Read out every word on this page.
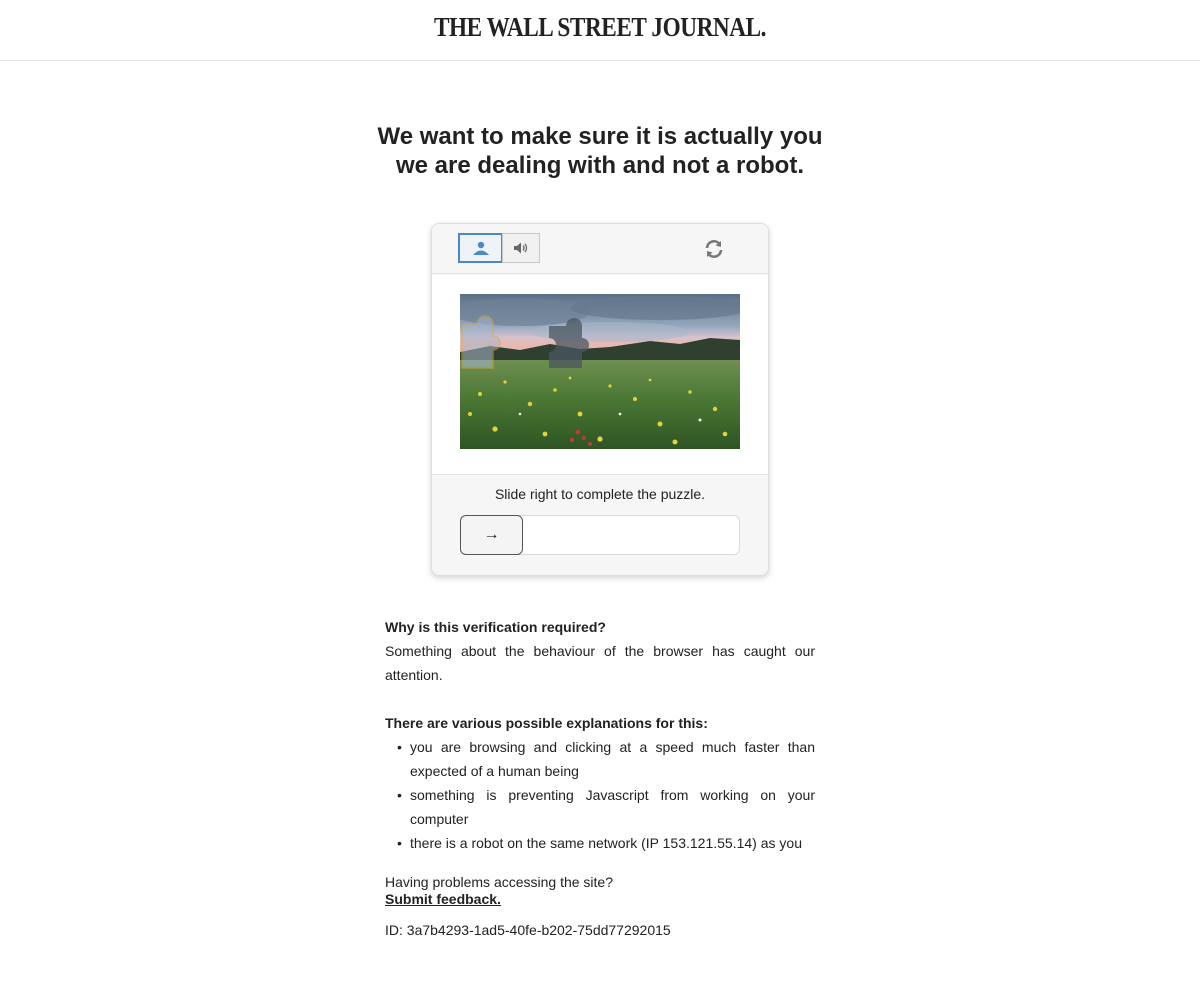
THE WALL STREET JOURNAL.
We want to make sure it is actually you we are dealing with and not a robot.
Slide right to complete the puzzle.
→
Why is this verification required?
Something about the behaviour of the browser has caught our attention.
There are various possible explanations for this:
• you are browsing and clicking at a speed much faster than expected of a human being
• something is preventing Javascript from working on your computer
• there is a robot on the same network (IP 153.121.55.14) as you
Having problems accessing the site?
Submit feedback.
ID: 3a7b4293-1ad5-40fe-b202-75dd77292015
